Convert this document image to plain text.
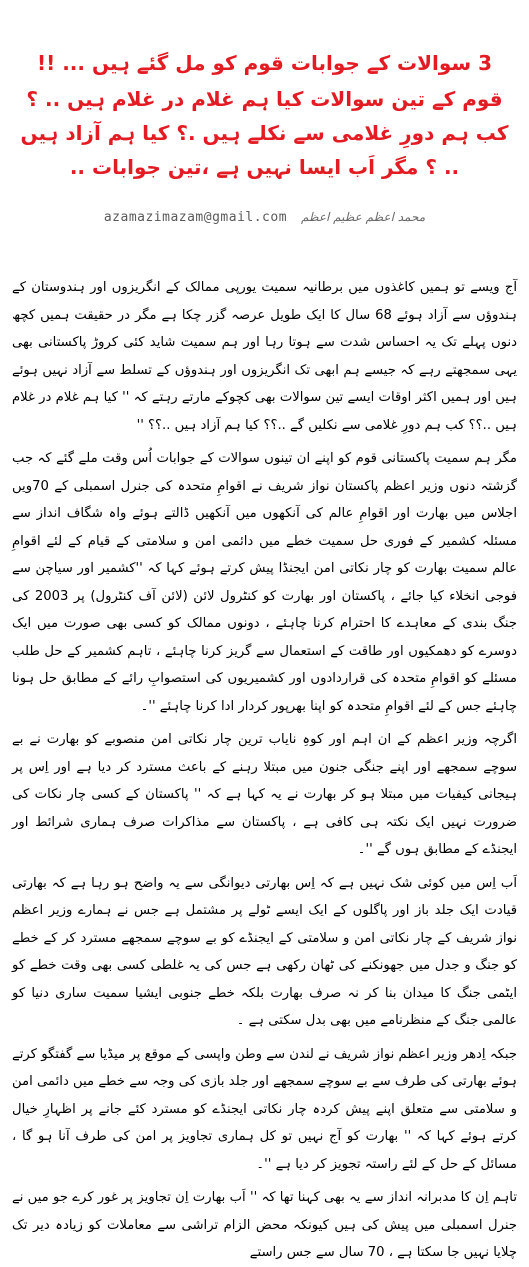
3 سوالات کے جوابات قوم کو مل گئے ہیں ... !!
قوم کے تین سوالات کیا ہم غلام در غلام ہیں .. ؟ کب ہم دورِ غلامی سے نکلے ہیں .؟ کیا ہم آزاد ہیں .. ؟ مگر اَب ایسا نہیں ہے ،تین جوابات ..
azamazimazam@gmail.com محمد اعظم عظیم اعظم

آج ویسے تو ہمیں کاغذوں میں برطانیہ سمیت یورپی ممالک کے انگریزوں اور ہندوستان کے ہندوؤں سے آزاد ہوئے 68 سال کا ایک طویل عرصہ گزر چکا ہے مگر در حقیقت ہمیں کچھ دنوں پہلے تک یہ احساس شدت سے ہوتا رہا اور ہم سمیت شاید کئی کروڑ پاکستانی بھی یہی سمجھتے رہے کہ جیسے ہم ابھی تک انگریزوں اور ہندوؤں کے تسلط سے آزاد نہیں ہوئے ہیں اور ہمیں اکثر اوقات ایسے تین سوالات بھی کچوکے مارتے رہتے کہ '' کیا ہم غلام در غلام ہیں ..؟؟ کب ہم دورِ غلامی سے نکلیں گے ..؟؟ کیا ہم آزاد ہیں ..؟؟ ''

مگر ہم سمیت پاکستانی قوم کو اپنے ان تینوں سوالات کے جوابات اُس وقت ملے گئے کہ جب گزشتہ دنوں وزیر اعظم پاکستان نواز شریف نے اقوامِ متحدہ کی جنرل اسمبلی کے 70ویں اجلاس میں بھارت اور اقوامِ عالم کی آنکھوں میں آنکھیں ڈالتے ہوئے واہ شگاف انداز سے مسئلہ کشمیر کے فوری حل سمیت خطے میں دائمی امن و سلامتی کے قیام کے لئے اقوامِ عالم سمیت بھارت کو چار نکاتی امن ایجنڈا پیش کرتے ہوئے کہا کہ ''کشمیر اور سیاچن سے فوجی انخلاء کیا جائے ، پاکستان اور بھارت کو کنٹرول لائن (لائن آف کنٹرول) پر 2003 کی جنگ بندی کے معاہدے کا احترام کرنا چاہئے ، دونوں ممالک کو کسی بھی صورت میں ایک دوسرے کو دھمکیوں اور طاقت کے استعمال سے گریز کرنا چاہئے ، تاہم کشمیر کے حل طلب مسئلے کو اقوامِ متحدہ کی قراردادوں اور کشمیریوں کی استصوابِ رائے کے مطابق حل ہونا چاہئے جس کے لئے اقوامِ متحدہ کو اپنا بھرپور کردار ادا کرنا چاہئے ''۔

اگرچہ وزیر اعظم کے ان اہم اور کوہِ نایاب ترین چار نکاتی امن منصوبے کو بھارت نے بے سوچے سمجھے اور اپنے جنگی جنون میں مبتلا رہنے کے باعث مسترد کر دیا ہے اور اِس پر ہیجانی کیفیات میں مبتلا ہو کر بھارت نے یہ کہا ہے کہ '' پاکستان کے کسی چار نکات کی ضرورت نہیں ایک نکتہ ہی کافی ہے ، پاکستان سے مذاکرات صرف ہماری شرائط اور ایجنڈے کے مطابق ہوں گے ''۔

اَب اِس میں کوئی شک نہیں ہے کہ اِس بھارتی دیوانگی سے یہ واضح ہو رہا ہے کہ بھارتی قیادت ایک جلد باز اور پاگلوں کے ایک ایسے ٹولے پر مشتمل ہے جس نے ہمارے وزیر اعظم نواز شریف کے چار نکاتی امن و سلامتی کے ایجنڈے کو بے سوچے سمجھے مسترد کر کے خطے کو جنگ و جدل میں جھونکنے کی ٹھان رکھی ہے جس کی یہ غلطی کسی بھی وقت خطے کو ایٹمی جنگ کا میدان بنا کر نہ صرف بھارت بلکہ خطے جنوبی ایشیا سمیت ساری دنیا کو عالمی جنگ کے منظرنامے میں بھی بدل سکتی ہے ۔

جبکہ اِدھر وزیر اعظم نواز شریف نے لندن سے وطن واپسی کے موقع پر میڈیا سے گفتگو کرتے ہوئے بھارتی کی طرف سے بے سوچے سمجھے اور جلد بازی کی وجہ سے خطے میں دائمی امن و سلامتی سے متعلق اپنے پیش کردہ چار نکاتی ایجنڈے کو مسترد کئے جانے پر اظہارِ خیال کرتے ہوئے کہا کہ '' بھارت کو آج نہیں تو کل ہماری تجاویز پر امن کی طرف آنا ہو گا ، مسائل کے حل کے لئے راستہ تجویز کر دیا ہے ''۔

تاہم اِن کا مدبرانہ انداز سے یہ بھی کہنا تھا کہ '' اَب بھارت اِن تجاویز پر غور کرے جو میں نے جنرل اسمبلی میں پیش کی ہیں کیونکہ محض الزام تراشی سے معاملات کو زیادہ دیر تک چلایا نہیں جا سکتا ہے ، 70 سال سے جس راستے
